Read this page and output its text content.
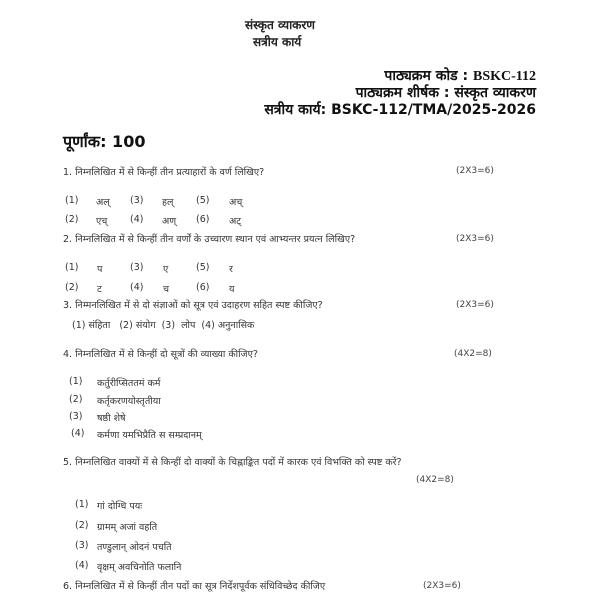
संस्कृत व्याकरण
सत्रीय कार्य
पाठ्यक्रम कोड : BSKC-112
पाठ्यक्रम शीर्षक : संस्कृत व्याकरण
सत्रीय कार्य: BSKC-112/TMA/2025-2026
पूर्णांक: 100
1. निम्नलिखित में से किन्हीं तीन प्रत्याहारों के वर्ण लिखिए?	(2X3=6)
(1) अल् (3) हल् (5) अच्
(2) एच् (4) अण् (6) अट्
2. निम्नलिखित में से किन्हीं तीन वर्णों के उच्चारण स्थान एवं आभ्यन्तर प्रयत्न लिखिए?	(2X3=6)
(1) प	(3) ए	(5) र
(2) ट	(4) च	(6) य
3. निम्मनलिखित में से दो संज्ञाओं को सूत्र एवं उदाहरण सहित स्पष्ट कीजिए?	(2X3=6)
(1) संहिता   (2) संयोग  (3)  लोप  (4) अनुनासिक
4. निम्नलिखित में से किन्हीं दो सूत्रों की व्याख्या कीजिए?	(4X2=8)
(1) कर्तुरीप्सिततमं कर्म
(2) कर्तृकरणयोस्तृतीया
(3) षष्ठी शेषे
(4) कर्मणा यमभिप्रैति स सम्प्रदानम्
5. निम्नलिखित वाक्यों में से किन्हीं दो वाक्यों के चिह्नाङ्कित पदों में कारक एवं विभक्ति को स्पष्ट करें?
(4X2=8)
(1) गां दोग्धि पयः
(2) ग्रामम् अजां वहति
(3) तण्डुलान् ओदनं पचति
(4) वृक्षम् अवचिनोति फलानि
6. निम्नलिखित में से किन्हीं तीन पदों का सूत्र निर्देशपूर्वक संधिविच्छेद कीजिए	(2X3=6)
